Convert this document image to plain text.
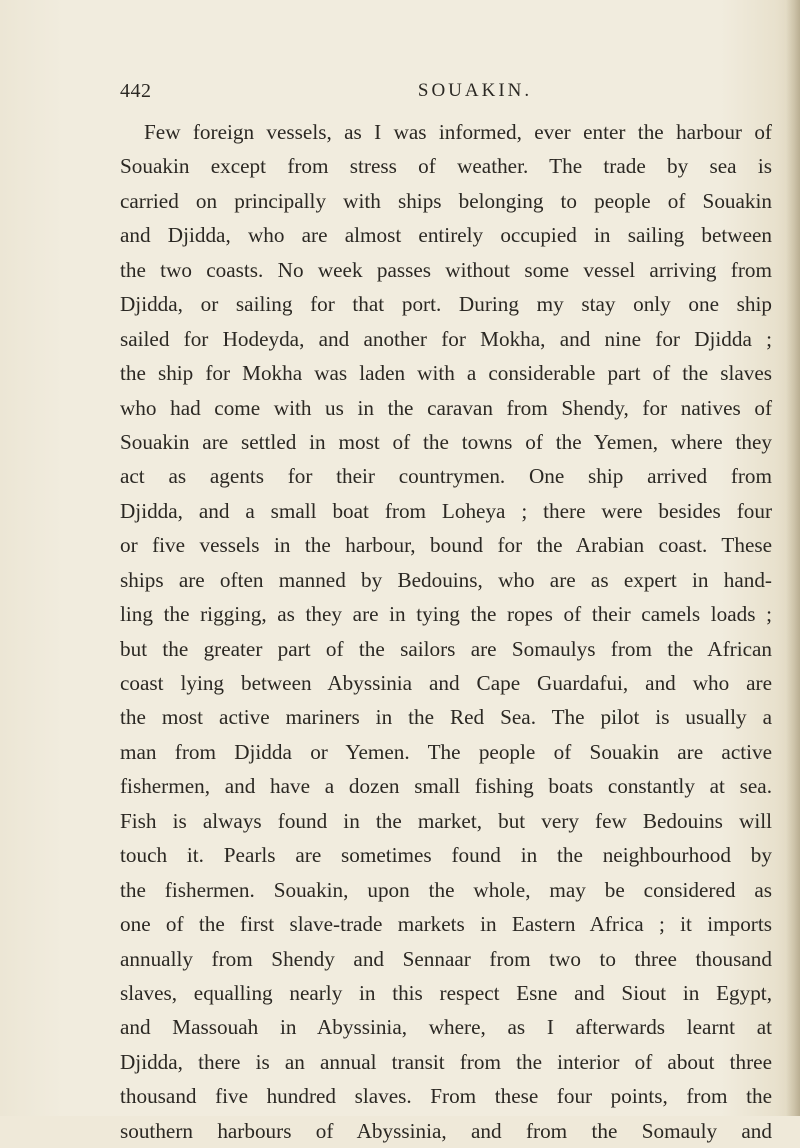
442	SOUAKIN.
Few foreign vessels, as I was informed, ever enter the harbour of
Souakin except from stress of weather. The trade by sea is
carried on principally with ships belonging to people of Souakin
and Djidda, who are almost entirely occupied in sailing between
the two coasts. No week passes without some vessel arriving from
Djidda, or sailing for that port. During my stay only one ship
sailed for Hodeyda, and another for Mokha, and nine for Djidda ;
the ship for Mokha was laden with a considerable part of the slaves
who had come with us in the caravan from Shendy, for natives of
Souakin are settled in most of the towns of the Yemen, where they
act as agents for their countrymen. One ship arrived from
Djidda, and a small boat from Loheya ; there were besides four
or five vessels in the harbour, bound for the Arabian coast. These
ships are often manned by Bedouins, who are as expert in hand-
ling the rigging, as they are in tying the ropes of their camels loads ;
but the greater part of the sailors are Somaulys from the African
coast lying between Abyssinia and Cape Guardafui, and who are
the most active mariners in the Red Sea. The pilot is usually a
man from Djidda or Yemen. The people of Souakin are active
fishermen, and have a dozen small fishing boats constantly at sea.
Fish is always found in the market, but very few Bedouins will
touch it. Pearls are sometimes found in the neighbourhood by
the fishermen. Souakin, upon the whole, may be considered as
one of the first slave-trade markets in Eastern Africa ; it imports
annually from Shendy and Sennaar from two to three thousand
slaves, equalling nearly in this respect Esne and Siout in Egypt,
and Massouah in Abyssinia, where, as I afterwards learnt at
Djidda, there is an annual transit from the interior of about three
thousand five hundred slaves. From these four points, from the
southern harbours of Abyssinia, and from the Somauly and
